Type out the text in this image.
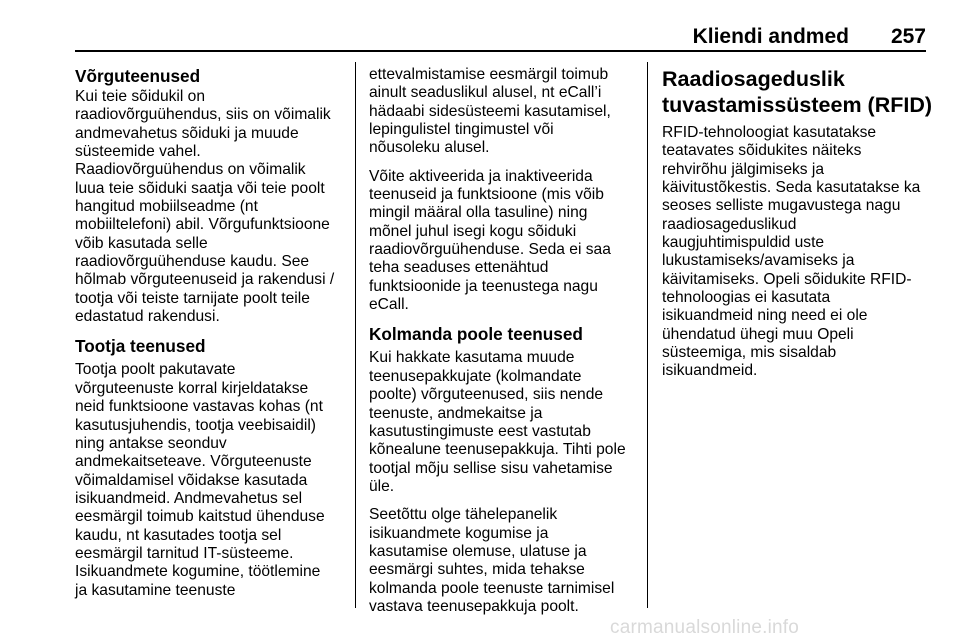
Kliendi andmed 257
Võrguteenused
Kui teie sõidukil on
raadiovõrguühendus, siis on võimalik
andmevahetus sõiduki ja muude
süsteemide vahel.
Raadiovõrguühendus on võimalik
luua teie sõiduki saatja või teie poolt
hangitud mobiilseadme (nt
mobiiltelefoni) abil. Võrgufunktsioone
võib kasutada selle
raadiovõrguühenduse kaudu. See
hõlmab võrguteenuseid ja rakendusi /
tootja või teiste tarnijate poolt teile
edastatud rakendusi.
Tootja teenused
Tootja poolt pakutavate
võrguteenuste korral kirjeldatakse
neid funktsioone vastavas kohas (nt
kasutusjuhendis, tootja veebisaidil)
ning antakse seonduv
andmekaitseteave. Võrguteenuste
võimaldamisel võidakse kasutada
isikuandmeid. Andmevahetus sel
eesmärgil toimub kaitstud ühenduse
kaudu, nt kasutades tootja sel
eesmärgil tarnitud IT-süsteeme.
Isikuandmete kogumine, töötlemine
ja kasutamine teenuste
ettevalmistamise eesmärgil toimub
ainult seaduslikul alusel, nt eCall’i
hädaabi sidesüsteemi kasutamisel,
lepingulistel tingimustel või
nõusoleku alusel.
Võite aktiveerida ja inaktiveerida
teenuseid ja funktsioone (mis võib
mingil määral olla tasuline) ning
mõnel juhul isegi kogu sõiduki
raadiovõrguühenduse. Seda ei saa
teha seaduses ettenähtud
funktsioonide ja teenustega nagu
eCall.
Kolmanda poole teenused
Kui hakkate kasutama muude
teenusepakkujate (kolmandate
poolte) võrguteenused, siis nende
teenuste, andmekaitse ja
kasutustingimuste eest vastutab
kõnealune teenusepakkuja. Tihti pole
tootjal mõju sellise sisu vahetamise
üle.
Seetõttu olge tähelepanelik
isikuandmete kogumise ja
kasutamise olemuse, ulatuse ja
eesmärgi suhtes, mida tehakse
kolmanda poole teenuste tarnimisel
vastava teenusepakkuja poolt.
Raadiosageduslik
tuvastamissüsteem (RFID)
RFID-tehnoloogiat kasutatakse
teatavates sõidukites näiteks
rehvirõhu jälgimiseks ja
käivitustõkestis. Seda kasutatakse ka
seoses selliste mugavustega nagu
raadiosageduslikud
kaugjuhtimispuldid uste
lukustamiseks/avamiseks ja
käivitamiseks. Opeli sõidukite RFID-
tehnoloogias ei kasutata
isikuandmeid ning need ei ole
ühendatud ühegi muu Opeli
süsteemiga, mis sisaldab
isikuandmeid.
carmanualsonline.info
